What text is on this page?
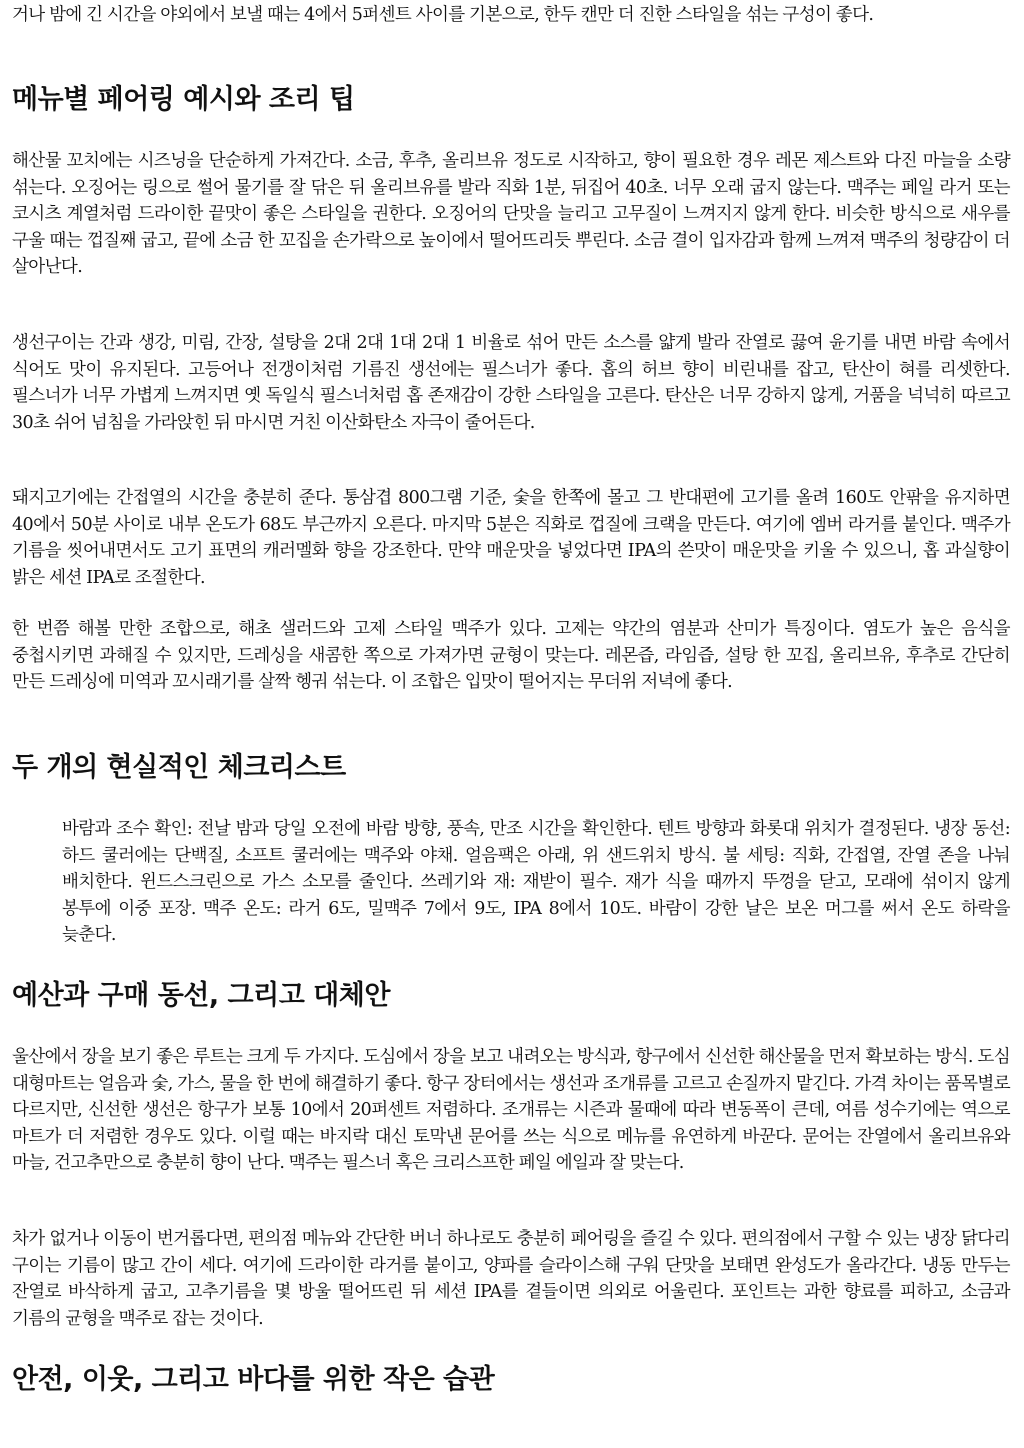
거나 밤에 긴 시간을 야외에서 보낼 때는 4에서 5퍼센트 사이를 기본으로, 한두 캔만 더 진한 스타일을 섞는 구성이 좋다.

메뉴별 페어링 예시와 조리 팁

해산물 꼬치에는 시즈닝을 단순하게 가져간다. 소금, 후추, 올리브유 정도로 시작하고, 향이 필요한 경우 레몬 제스트와 다진 마늘을 소량 섞는다. 오징어는 링으로 썰어 물기를 잘 닦은 뒤 올리브유를 발라 직화 1분, 뒤집어 40초. 너무 오래 굽지 않는다. 맥주는 페일 라거 또는 코시츠 계열처럼 드라이한 끝맛이 좋은 스타일을 권한다. 오징어의 단맛을 늘리고 고무질이 느껴지지 않게 한다. 비슷한 방식으로 새우를 구울 때는 껍질째 굽고, 끝에 소금 한 꼬집을 손가락으로 높이에서 떨어뜨리듯 뿌린다. 소금 결이 입자감과 함께 느껴져 맥주의 청량감이 더 살아난다.

생선구이는 간과 생강, 미림, 간장, 설탕을 2대 2대 1대 2대 1 비율로 섞어 만든 소스를 얇게 발라 잔열로 끓여 윤기를 내면 바람 속에서 식어도 맛이 유지된다. 고등어나 전갱이처럼 기름진 생선에는 필스너가 좋다. 홉의 허브 향이 비린내를 잡고, 탄산이 혀를 리셋한다. 필스너가 너무 가볍게 느껴지면 옛 독일식 필스너처럼 홉 존재감이 강한 스타일을 고른다. 탄산은 너무 강하지 않게, 거품을 넉넉히 따르고 30초 쉬어 넘침을 가라앉힌 뒤 마시면 거친 이산화탄소 자극이 줄어든다.

돼지고기에는 간접열의 시간을 충분히 준다. 통삼겹 800그램 기준, 숯을 한쪽에 몰고 그 반대편에 고기를 올려 160도 안팎을 유지하면 40에서 50분 사이로 내부 온도가 68도 부근까지 오른다. 마지막 5분은 직화로 껍질에 크랙을 만든다. 여기에 엠버 라거를 붙인다. 맥주가 기름을 씻어내면서도 고기 표면의 캐러멜화 향을 강조한다. 만약 매운맛을 넣었다면 IPA의 쓴맛이 매운맛을 키울 수 있으니, 홉 과실향이 밝은 세션 IPA로 조절한다.

한 번쯤 해볼 만한 조합으로, 해초 샐러드와 고제 스타일 맥주가 있다. 고제는 약간의 염분과 산미가 특징이다. 염도가 높은 음식을 중첩시키면 과해질 수 있지만, 드레싱을 새콤한 쪽으로 가져가면 균형이 맞는다. 레몬즙, 라임즙, 설탕 한 꼬집, 올리브유, 후추로 간단히 만든 드레싱에 미역과 꼬시래기를 살짝 헹궈 섞는다. 이 조합은 입맛이 떨어지는 무더위 저녁에 좋다.

두 개의 현실적인 체크리스트

바람과 조수 확인: 전날 밤과 당일 오전에 바람 방향, 풍속, 만조 시간을 확인한다. 텐트 방향과 화롯대 위치가 결정된다. 냉장 동선: 하드 쿨러에는 단백질, 소프트 쿨러에는 맥주와 야채. 얼음팩은 아래, 위 샌드위치 방식. 불 세팅: 직화, 간접열, 잔열 존을 나눠 배치한다. 윈드스크린으로 가스 소모를 줄인다. 쓰레기와 재: 재받이 필수. 재가 식을 때까지 뚜껑을 닫고, 모래에 섞이지 않게 봉투에 이중 포장. 맥주 온도: 라거 6도, 밀맥주 7에서 9도, IPA 8에서 10도. 바람이 강한 날은 보온 머그를 써서 온도 하락을 늦춘다.

예산과 구매 동선, 그리고 대체안

울산에서 장을 보기 좋은 루트는 크게 두 가지다. 도심에서 장을 보고 내려오는 방식과, 항구에서 신선한 해산물을 먼저 확보하는 방식. 도심 대형마트는 얼음과 숯, 가스, 물을 한 번에 해결하기 좋다. 항구 장터에서는 생선과 조개류를 고르고 손질까지 맡긴다. 가격 차이는 품목별로 다르지만, 신선한 생선은 항구가 보통 10에서 20퍼센트 저렴하다. 조개류는 시즌과 물때에 따라 변동폭이 큰데, 여름 성수기에는 역으로 마트가 더 저렴한 경우도 있다. 이럴 때는 바지락 대신 토막낸 문어를 쓰는 식으로 메뉴를 유연하게 바꾼다. 문어는 잔열에서 올리브유와 마늘, 건고추만으로 충분히 향이 난다. 맥주는 필스너 혹은 크리스프한 페일 에일과 잘 맞는다.

차가 없거나 이동이 번거롭다면, 편의점 메뉴와 간단한 버너 하나로도 충분히 페어링을 즐길 수 있다. 편의점에서 구할 수 있는 냉장 닭다리 구이는 기름이 많고 간이 세다. 여기에 드라이한 라거를 붙이고, 양파를 슬라이스해 구워 단맛을 보태면 완성도가 올라간다. 냉동 만두는 잔열로 바삭하게 굽고, 고추기름을 몇 방울 떨어뜨린 뒤 세션 IPA를 곁들이면 의외로 어울린다. 포인트는 과한 향료를 피하고, 소금과 기름의 균형을 맥주로 잡는 것이다.

안전, 이웃, 그리고 바다를 위한 작은 습관
